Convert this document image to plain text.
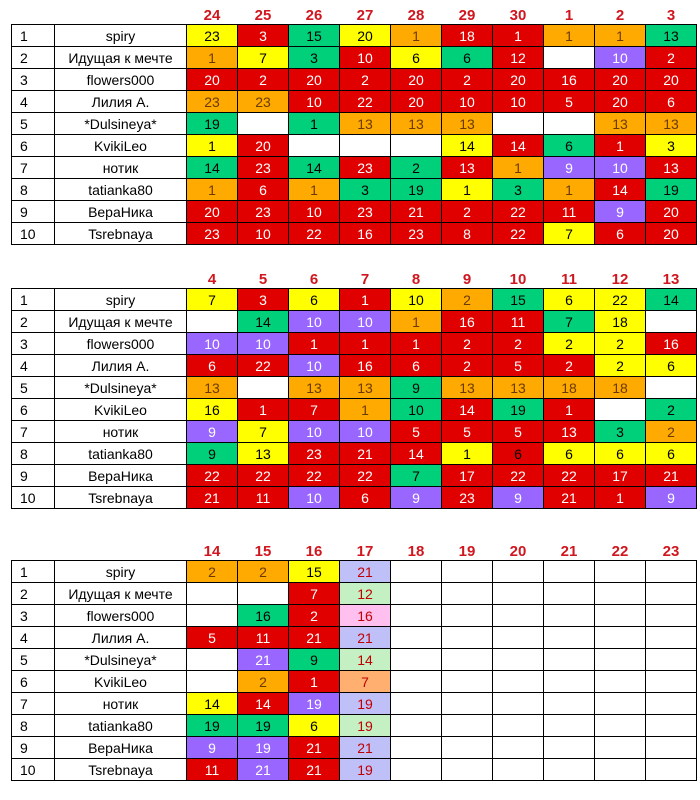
		24	25	26	27	28	29	30	1	2	3
1	spiry	23	3	15	20	1	18	1	1	1	13
2	Идущая к мечте	1	7	3	10	6	6	12		10	2
3	flowers000	20	2	20	2	20	2	20	16	20	20
4	Лилия А.	23	23	10	22	20	10	10	5	20	6
5	*Dulsineya*	19		1	13	13	13			13	13
6	KvikiLeo	1	20				14	14	6	1	3
7	нотик	14	23	14	23	2	13	1	9	10	13
8	tatianka80	1	6	1	3	19	1	3	1	14	19
9	ВераНика	20	23	10	23	21	2	22	11	9	20
10	Tsrebnaya	23	10	22	16	23	8	22	7	6	20
		4	5	6	7	8	9	10	11	12	13
1	spiry	7	3	6	1	10	2	15	6	22	14
2	Идущая к мечте		14	10	10	1	16	11	7	18	
3	flowers000	10	10	1	1	1	2	2	2	2	16
4	Лилия А.	6	22	10	16	6	2	5	2	2	6
5	*Dulsineya*	13		13	13	9	13	13	18	18	
6	KvikiLeo	16	1	7	1	10	14	19	1		2
7	нотик	9	7	10	10	5	5	5	13	3	2
8	tatianka80	9	13	23	21	14	1	6	6	6	6
9	ВераНика	22	22	22	22	7	17	22	22	17	21
10	Tsrebnaya	21	11	10	6	9	23	9	21	1	9
		14	15	16	17	18	19	20	21	22	23
1	spiry	2	2	15	21						
2	Идущая к мечте			7	12						
3	flowers000		16	2	16						
4	Лилия А.	5	11	21	21						
5	*Dulsineya*		21	9	14						
6	KvikiLeo		2	1	7						
7	нотик	14	14	19	19						
8	tatianka80	19	19	6	19						
9	ВераНика	9	19	21	21						
10	Tsrebnaya	11	21	21	19						
